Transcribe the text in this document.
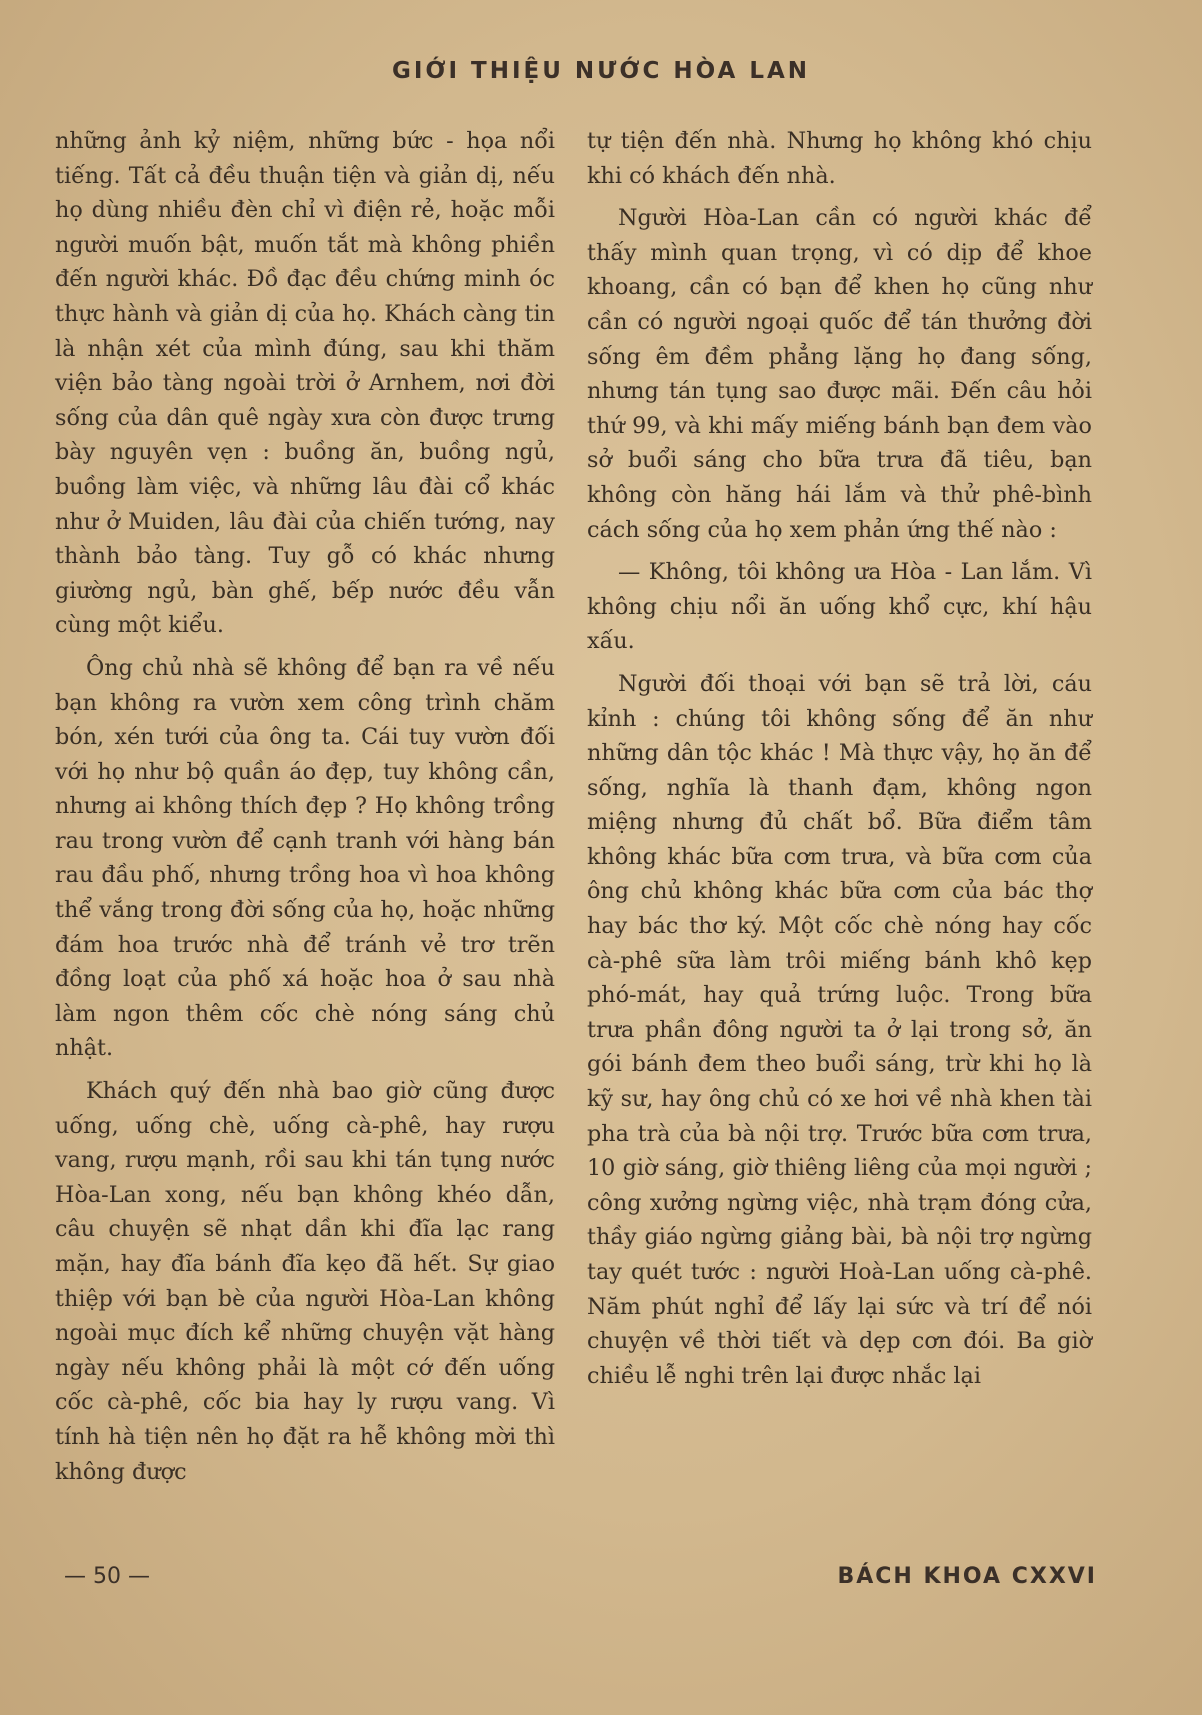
GIỚI THIỆU NƯỚC HÒA LAN

những ảnh kỷ niệm, những bức - họa nổi tiếng. Tất cả đều thuận tiện và giản dị, nếu họ dùng nhiều đèn chỉ vì điện rẻ, hoặc mỗi người muốn bật, muốn tắt mà không phiền đến người khác. Đồ đạc đều chứng minh óc thực hành và giản dị của họ. Khách càng tin là nhận xét của mình đúng, sau khi thăm viện bảo tàng ngoài trời ở Arnhem, nơi đời sống của dân quê ngày xưa còn được trưng bày nguyên vẹn : buồng ăn, buồng ngủ, buồng làm việc, và những lâu đài cổ khác như ở Muiden, lâu đài của chiến tướng, nay thành bảo tàng. Tuy gỗ có khác nhưng giường ngủ, bàn ghế, bếp nước đều vẫn cùng một kiểu.

Ông chủ nhà sẽ không để bạn ra về nếu bạn không ra vườn xem công trình chăm bón, xén tưới của ông ta. Cái tuy vườn đối với họ như bộ quần áo đẹp, tuy không cần, nhưng ai không thích đẹp ? Họ không trồng rau trong vườn để cạnh tranh với hàng bán rau đầu phố, nhưng trồng hoa vì hoa không thể vắng trong đời sống của họ, hoặc những đám hoa trước nhà để tránh vẻ trơ trẽn đồng loạt của phố xá hoặc hoa ở sau nhà làm ngon thêm cốc chè nóng sáng chủ nhật.

Khách quý đến nhà bao giờ cũng được uống, uống chè, uống cà-phê, hay rượu vang, rượu mạnh, rồi sau khi tán tụng nước Hòa-Lan xong, nếu bạn không khéo dẫn, câu chuyện sẽ nhạt dần khi đĩa lạc rang mặn, hay đĩa bánh đĩa kẹo đã hết. Sự giao thiệp với bạn bè của người Hòa-Lan không ngoài mục đích kể những chuyện vặt hàng ngày nếu không phải là một cớ đến uống cốc cà-phê, cốc bia hay ly rượu vang. Vì tính hà tiện nên họ đặt ra hễ không mời thì không được

tự tiện đến nhà. Nhưng họ không khó chịu khi có khách đến nhà.

Người Hòa-Lan cần có người khác để thấy mình quan trọng, vì có dịp để khoe khoang, cần có bạn để khen họ cũng như cần có người ngoại quốc để tán thưởng đời sống êm đềm phẳng lặng họ đang sống, nhưng tán tụng sao được mãi. Đến câu hỏi thứ 99, và khi mấy miếng bánh bạn đem vào sở buổi sáng cho bữa trưa đã tiêu, bạn không còn hăng hái lắm và thử phê-bình cách sống của họ xem phản ứng thế nào :

— Không, tôi không ưa Hòa - Lan lắm. Vì không chịu nổi ăn uống khổ cực, khí hậu xấu.

Người đối thoại với bạn sẽ trả lời, cáu kỉnh : chúng tôi không sống để ăn như những dân tộc khác ! Mà thực vậy, họ ăn để sống, nghĩa là thanh đạm, không ngon miệng nhưng đủ chất bổ. Bữa điểm tâm không khác bữa cơm trưa, và bữa cơm của ông chủ không khác bữa cơm của bác thợ hay bác thơ ký. Một cốc chè nóng hay cốc cà-phê sữa làm trôi miếng bánh khô kẹp phó-mát, hay quả trứng luộc. Trong bữa trưa phần đông người ta ở lại trong sở, ăn gói bánh đem theo buổi sáng, trừ khi họ là kỹ sư, hay ông chủ có xe hơi về nhà khen tài pha trà của bà nội trợ. Trước bữa cơm trưa, 10 giờ sáng, giờ thiêng liêng của mọi người ; công xưởng ngừng việc, nhà trạm đóng cửa, thầy giáo ngừng giảng bài, bà nội trợ ngừng tay quét tước : người Hoà-Lan uống cà-phê. Năm phút nghỉ để lấy lại sức và trí để nói chuyện về thời tiết và dẹp cơn đói. Ba giờ chiều lễ nghi trên lại được nhắc lại

— 50 —	BÁCH KHOA CXXVI
